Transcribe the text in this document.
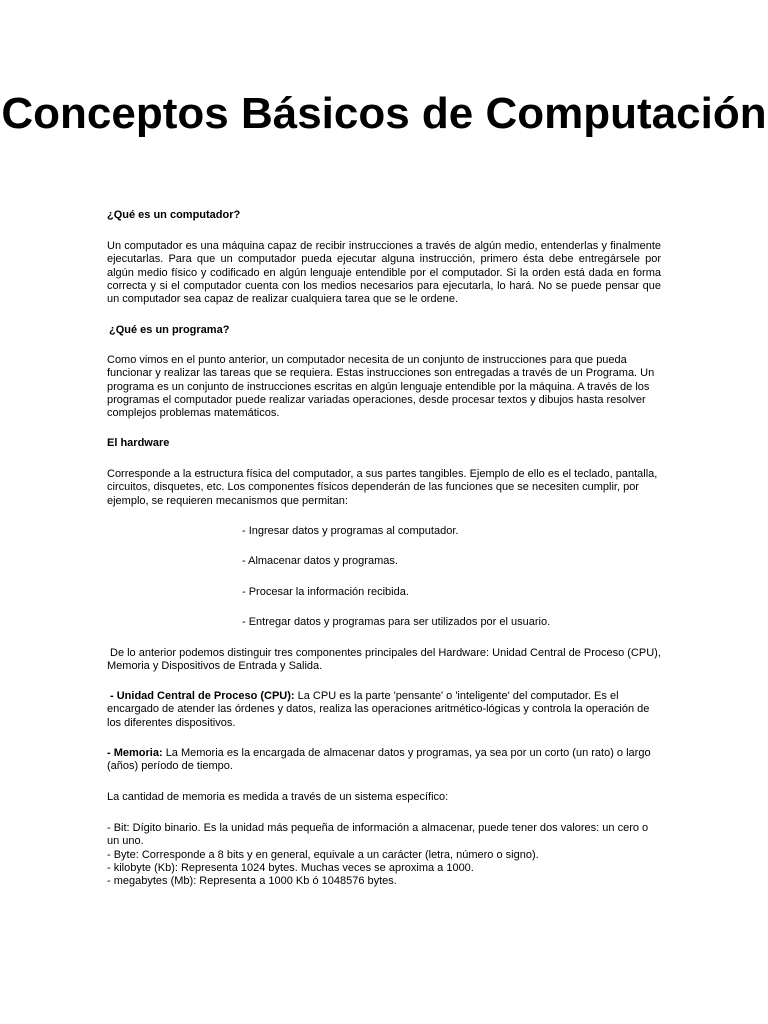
Conceptos Básicos de Computación

¿Qué es un computador?

Un computador es una máquina capaz de recibir instrucciones a través de algún medio, entenderlas y finalmente ejecutarlas. Para que un computador pueda ejecutar alguna instrucción, primero ésta debe entregársele por algún medio físico y codificado en algún lenguaje entendible por el computador. Si la orden está dada en forma correcta y si el computador cuenta con los medios necesarios para ejecutarla, lo hará. No se puede pensar que un computador sea capaz de realizar cualquiera tarea que se le ordene.

¿Qué es un programa?

Como vimos en el punto anterior, un computador necesita de un conjunto de instrucciones para que pueda funcionar y realizar las tareas que se requiera. Estas instrucciones son entregadas a través de un Programa. Un programa es un conjunto de instrucciones escritas en algún lenguaje entendible por la máquina. A través de los programas el computador puede realizar variadas operaciones, desde procesar textos y dibujos hasta resolver complejos problemas matemáticos.

El hardware

Corresponde a la estructura física del computador, a sus partes tangibles. Ejemplo de ello es el teclado, pantalla, circuitos, disquetes, etc. Los componentes físicos dependerán de las funciones que se necesiten cumplir, por ejemplo, se requieren mecanismos que permitan:

- Ingresar datos y programas al computador.

- Almacenar datos y programas.

- Procesar la información recibida.

- Entregar datos y programas para ser utilizados por el usuario.

De lo anterior podemos distinguir tres componentes principales del Hardware: Unidad Central de Proceso (CPU), Memoria y Dispositivos de Entrada y Salida.

- Unidad Central de Proceso (CPU): La CPU es la parte 'pensante' o 'inteligente' del computador. Es el encargado de atender las órdenes y datos, realiza las operaciones aritmético-lógicas y controla la operación de los diferentes dispositivos.

- Memoria: La Memoria es la encargada de almacenar datos y programas, ya sea por un corto (un rato) o largo (años) período de tiempo.

La cantidad de memoria es medida a través de un sistema específico:

- Bit: Dígito binario. Es la unidad más pequeña de información a almacenar, puede tener dos valores: un cero o un uno.
- Byte: Corresponde a 8 bits y en general, equivale a un carácter (letra, número o signo).
- kilobyte (Kb): Representa 1024 bytes. Muchas veces se aproxima a 1000.
- megabytes (Mb): Representa a 1000 Kb ó 1048576 bytes.
